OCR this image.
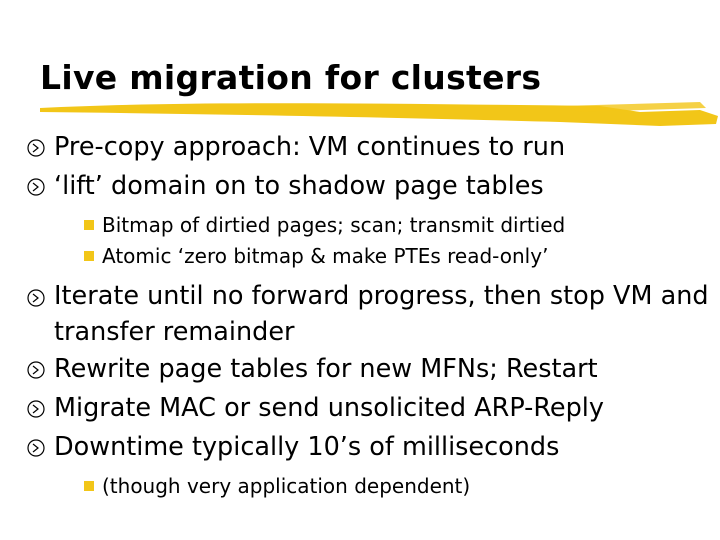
Live migration for clusters
Pre-copy approach: VM continues to run
‘lift’ domain on to shadow page tables
Bitmap of dirtied pages; scan; transmit dirtied
Atomic ‘zero bitmap & make PTEs read-only’
Iterate until no forward progress, then stop VM and transfer remainder
Rewrite page tables for new MFNs; Restart
Migrate MAC or send unsolicited ARP-Reply
Downtime typically 10’s of milliseconds
(though very application dependent)
